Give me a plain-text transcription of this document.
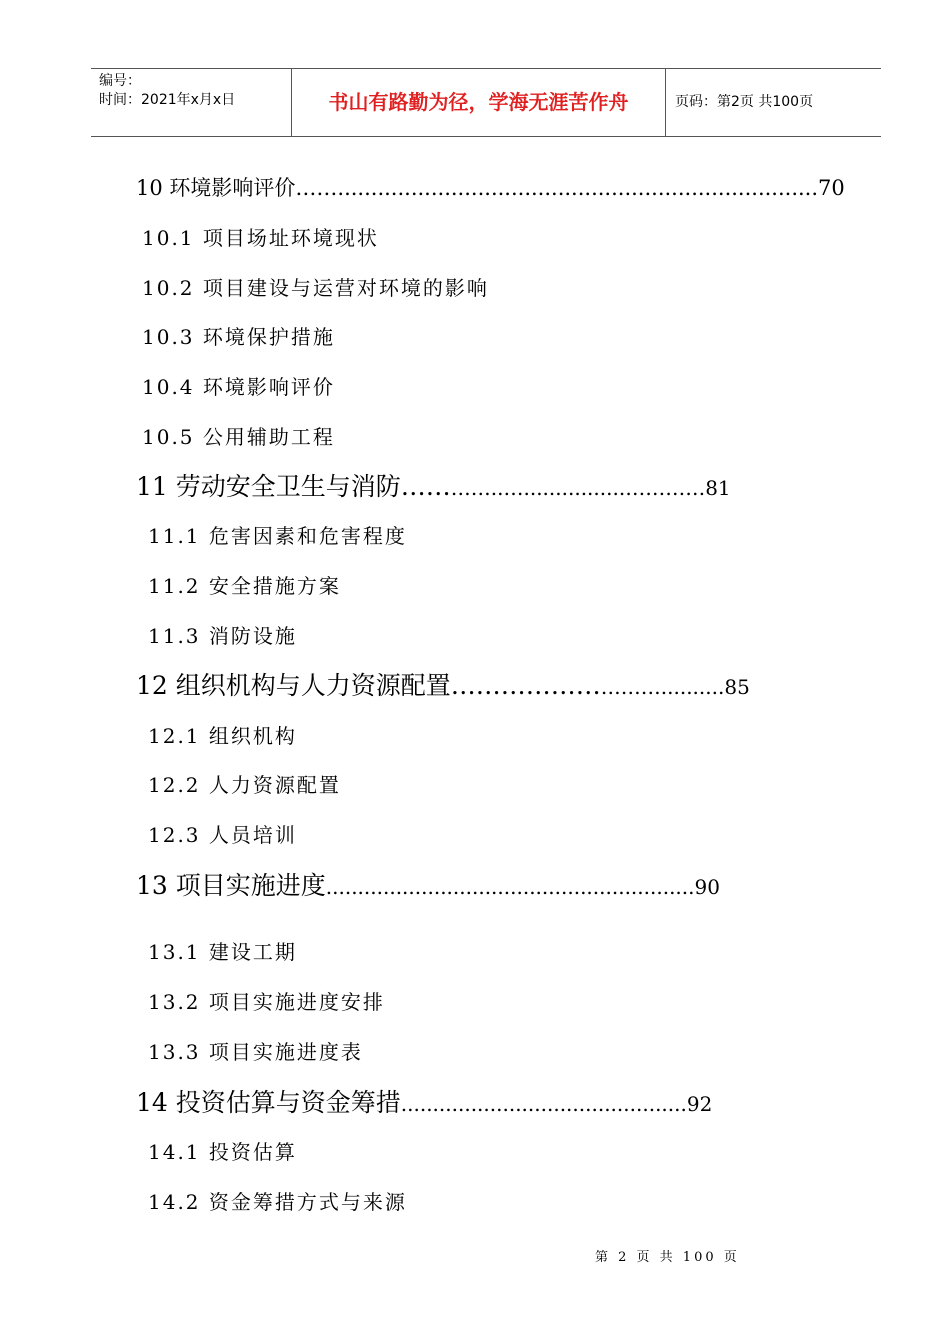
编号：
时间：2021年x月x日	书山有路勤为径，学海无涯苦作舟	页码：第2页 共100页
10 环境影响评价……........................................................................70
10.1 项目场址环境现状
10.2 项目建设与运营对环境的影响
10.3 环境保护措施
10.4 环境影响评价
10.5 公用辅助工程
11 劳动安全卫生与消防…………..…................…………81
11.1 危害因素和危害程度
11.2 安全措施方案
11.3 消防设施
12 组织机构与人力资源配置………………………..........85
12.1 组织机构
12.2 人力资源配置
12.3 人员培训
13 项目实施进度..........................................................90
13.1 建设工期
13.2 项目实施进度安排
13.3 项目实施进度表
14 投资估算与资金筹措.............................................92
14.1 投资估算
14.2 资金筹措方式与来源
第 2 页 共 100 页
